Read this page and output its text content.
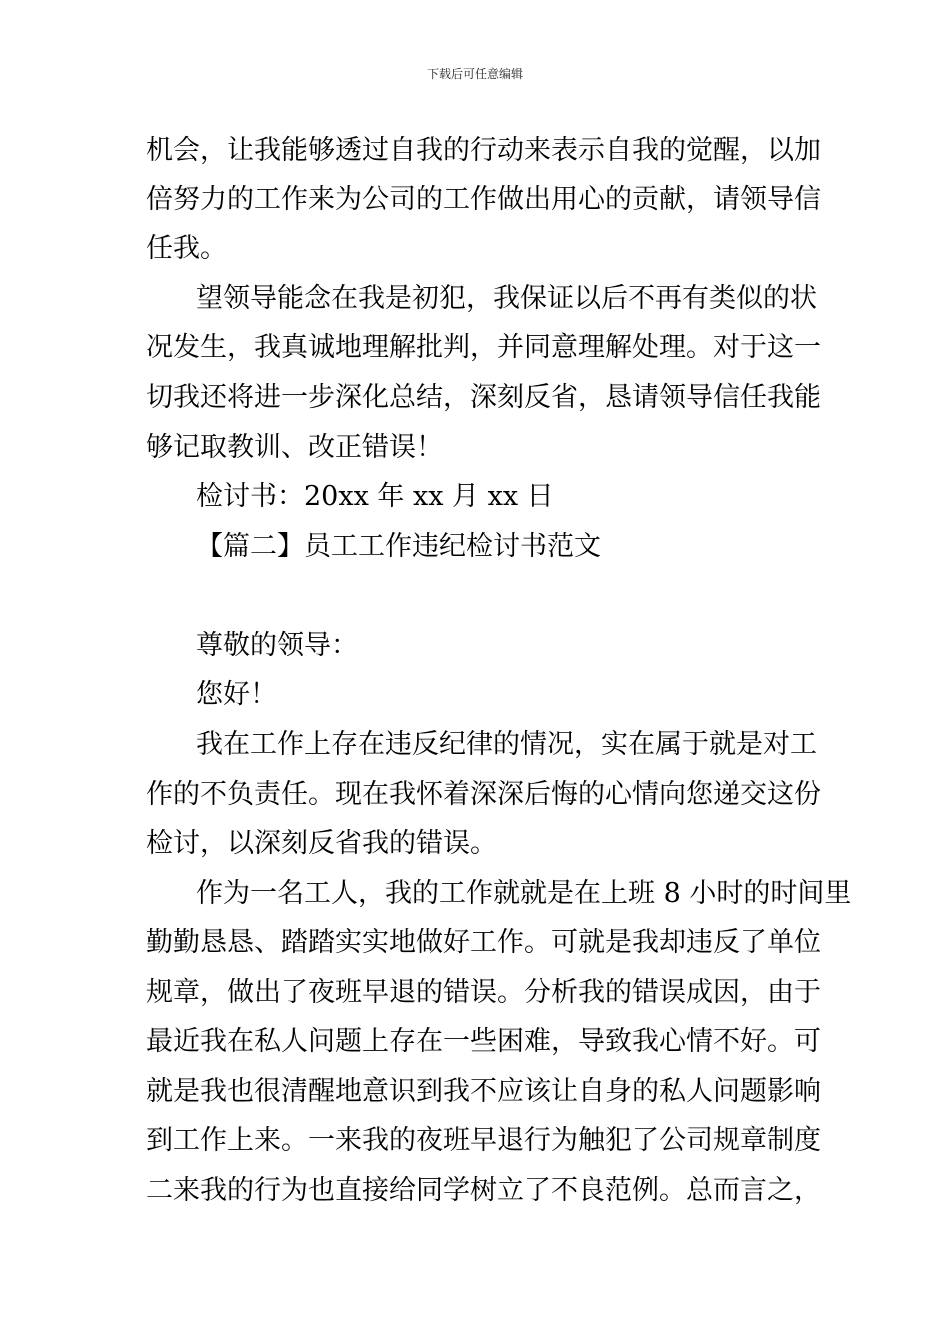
下载后可任意编辑

机会，让我能够透过自我的行动来表示自我的觉醒，以加

倍努力的工作来为公司的工作做出用心的贡献，请领导信

任我。

望领导能念在我是初犯，我保证以后不再有类似的状

况发生，我真诚地理解批判，并同意理解处理。对于这一

切我还将进一步深化总结，深刻反省，恳请领导信任我能

够记取教训、改正错误！

检讨书：20xx 年 xx 月 xx 日

【篇二】员工工作违纪检讨书范文

尊敬的领导：

您好！

我在工作上存在违反纪律的情况，实在属于就是对工

作的不负责任。现在我怀着深深后悔的心情向您递交这份

检讨，以深刻反省我的错误。

作为一名工人，我的工作就就是在上班 8 小时的时间里

勤勤恳恳、踏踏实实地做好工作。可就是我却违反了单位

规章，做出了夜班早退的错误。分析我的错误成因，由于

最近我在私人问题上存在一些困难，导致我心情不好。可

就是我也很清醒地意识到我不应该让自身的私人问题影响

到工作上来。一来我的夜班早退行为触犯了公司规章制度

二来我的行为也直接给同学树立了不良范例。总而言之，
